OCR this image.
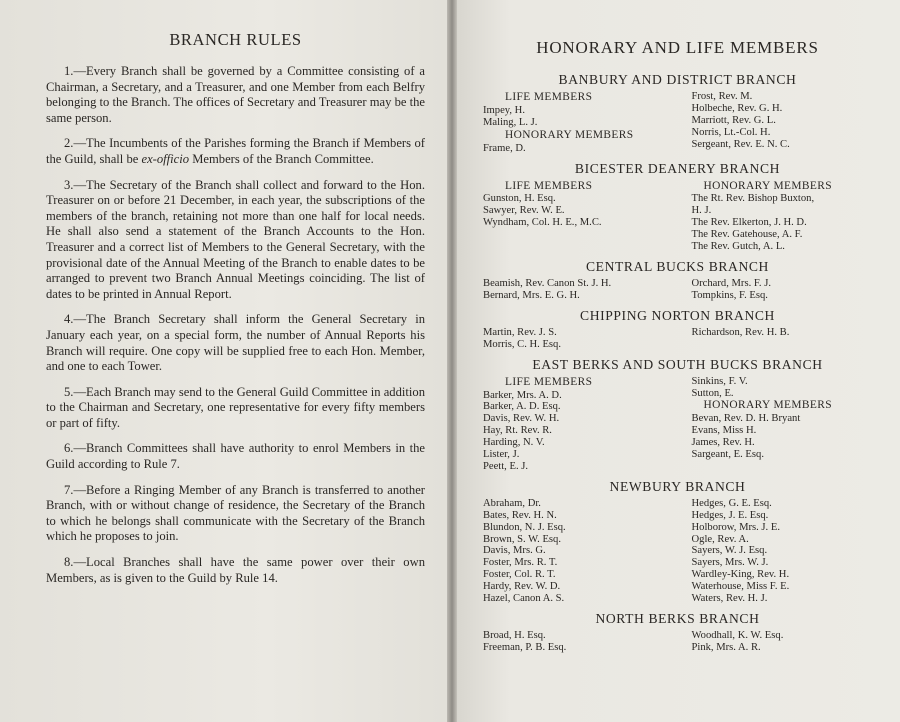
BRANCH RULES

1.—Every Branch shall be governed by a Committee consisting of a Chairman, a Secretary, and a Treasurer, and one Member from each Belfry belonging to the Branch. The offices of Secretary and Treasurer may be the same person.

2.—The Incumbents of the Parishes forming the Branch if Members of the Guild, shall be ex-officio Members of the Branch Committee.

3.—The Secretary of the Branch shall collect and forward to the Hon. Treasurer on or before 21 December, in each year, the subscriptions of the members of the branch, retaining not more than one half for local needs. He shall also send a statement of the Branch Accounts to the Hon. Treasurer and a correct list of Members to the General Secretary, with the provisional date of the Annual Meeting of the Branch to enable dates to be arranged to prevent two Branch Annual Meetings coinciding. The list of dates to be printed in Annual Report.

4.—The Branch Secretary shall inform the General Secretary in January each year, on a special form, the number of Annual Reports his Branch will require. One copy will be supplied free to each Hon. Member, and one to each Tower.

5.—Each Branch may send to the General Guild Committee in addition to the Chairman and Secretary, one representative for every fifty members or part of fifty.

6.—Branch Committees shall have authority to enrol Members in the Guild according to Rule 7.

7.—Before a Ringing Member of any Branch is transferred to another Branch, with or without change of residence, the Secretary of the Branch to which he belongs shall communicate with the Secretary of the Branch which he proposes to join.

8.—Local Branches shall have the same power over their own Members, as is given to the Guild by Rule 14.

HONORARY AND LIFE MEMBERS
BANBURY AND DISTRICT BRANCH
LIFE MEMBERS
Impey, H.
Maling, L. J.
HONORARY MEMBERS
Frame, D.
Frost, Rev. M.
Holbeche, Rev. G. H.
Marriott, Rev. G. L.
Norris, Lt.-Col. H.
Sergeant, Rev. E. N. C.
BICESTER DEANERY BRANCH
LIFE MEMBERS
Gunston, H. Esq.
Sawyer, Rev. W. E.
Wyndham, Col. H. E., M.C.
HONORARY MEMBERS
The Rt. Rev. Bishop Buxton,
H. J.
The Rev. Elkerton, J. H. D.
The Rev. Gatehouse, A. F.
The Rev. Gutch, A. L.
CENTRAL BUCKS BRANCH
Beamish, Rev. Canon St. J. H.
Bernard, Mrs. E. G. H.
Orchard, Mrs. F. J.
Tompkins, F. Esq.
CHIPPING NORTON BRANCH
Martin, Rev. J. S.
Morris, C. H. Esq.
Richardson, Rev. H. B.
EAST BERKS AND SOUTH BUCKS BRANCH
LIFE MEMBERS
Barker, Mrs. A. D.
Barker, A. D. Esq.
Davis, Rev. W. H.
Hay, Rt. Rev. R.
Harding, N. V.
Lister, J.
Peett, E. J.
Sinkins, F. V.
Sutton, E.
HONORARY MEMBERS
Bevan, Rev. D. H. Bryant
Evans, Miss H.
James, Rev. H.
Sargeant, E. Esq.
NEWBURY BRANCH
Abraham, Dr.
Bates, Rev. H. N.
Blundon, N. J. Esq.
Brown, S. W. Esq.
Davis, Mrs. G.
Foster, Mrs. R. T.
Foster, Col. R. T.
Hardy, Rev. W. D.
Hazel, Canon A. S.
Hedges, G. E. Esq.
Hedges, J. E. Esq.
Holborow, Mrs. J. E.
Ogle, Rev. A.
Sayers, W. J. Esq.
Sayers, Mrs. W. J.
Wardley-King, Rev. H.
Waterhouse, Miss F. E.
Waters, Rev. H. J.
NORTH BERKS BRANCH
Broad, H. Esq.
Freeman, P. B. Esq.
Woodhall, K. W. Esq.
Pink, Mrs. A. R.
